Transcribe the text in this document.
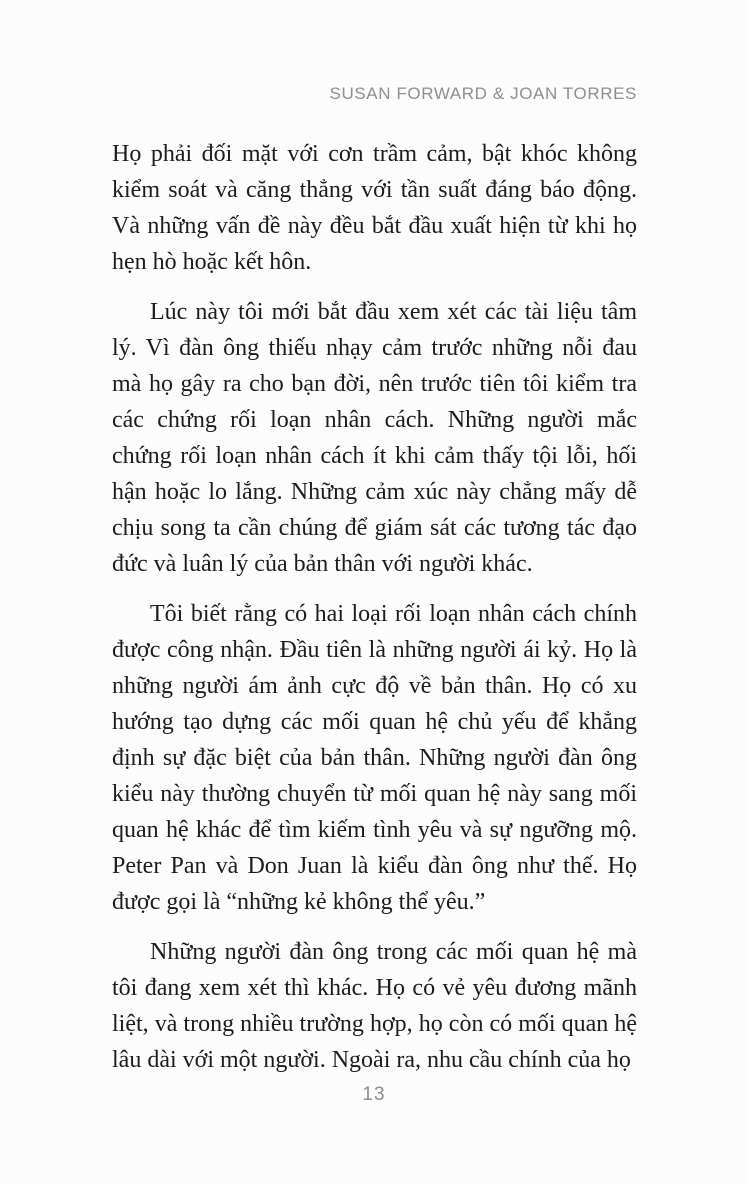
SUSAN FORWARD & JOAN TORRES

Họ phải đối mặt với cơn trầm cảm, bật khóc không kiểm soát và căng thẳng với tần suất đáng báo động. Và những vấn đề này đều bắt đầu xuất hiện từ khi họ hẹn hò hoặc kết hôn.

Lúc này tôi mới bắt đầu xem xét các tài liệu tâm lý. Vì đàn ông thiếu nhạy cảm trước những nỗi đau mà họ gây ra cho bạn đời, nên trước tiên tôi kiểm tra các chứng rối loạn nhân cách. Những người mắc chứng rối loạn nhân cách ít khi cảm thấy tội lỗi, hối hận hoặc lo lắng. Những cảm xúc này chẳng mấy dễ chịu song ta cần chúng để giám sát các tương tác đạo đức và luân lý của bản thân với người khác.

Tôi biết rằng có hai loại rối loạn nhân cách chính được công nhận. Đầu tiên là những người ái kỷ. Họ là những người ám ảnh cực độ về bản thân. Họ có xu hướng tạo dựng các mối quan hệ chủ yếu để khẳng định sự đặc biệt của bản thân. Những người đàn ông kiểu này thường chuyển từ mối quan hệ này sang mối quan hệ khác để tìm kiếm tình yêu và sự ngưỡng mộ. Peter Pan và Don Juan là kiểu đàn ông như thế. Họ được gọi là “những kẻ không thể yêu.”

Những người đàn ông trong các mối quan hệ mà tôi đang xem xét thì khác. Họ có vẻ yêu đương mãnh liệt, và trong nhiều trường hợp, họ còn có mối quan hệ lâu dài với một người. Ngoài ra, nhu cầu chính của họ

13
